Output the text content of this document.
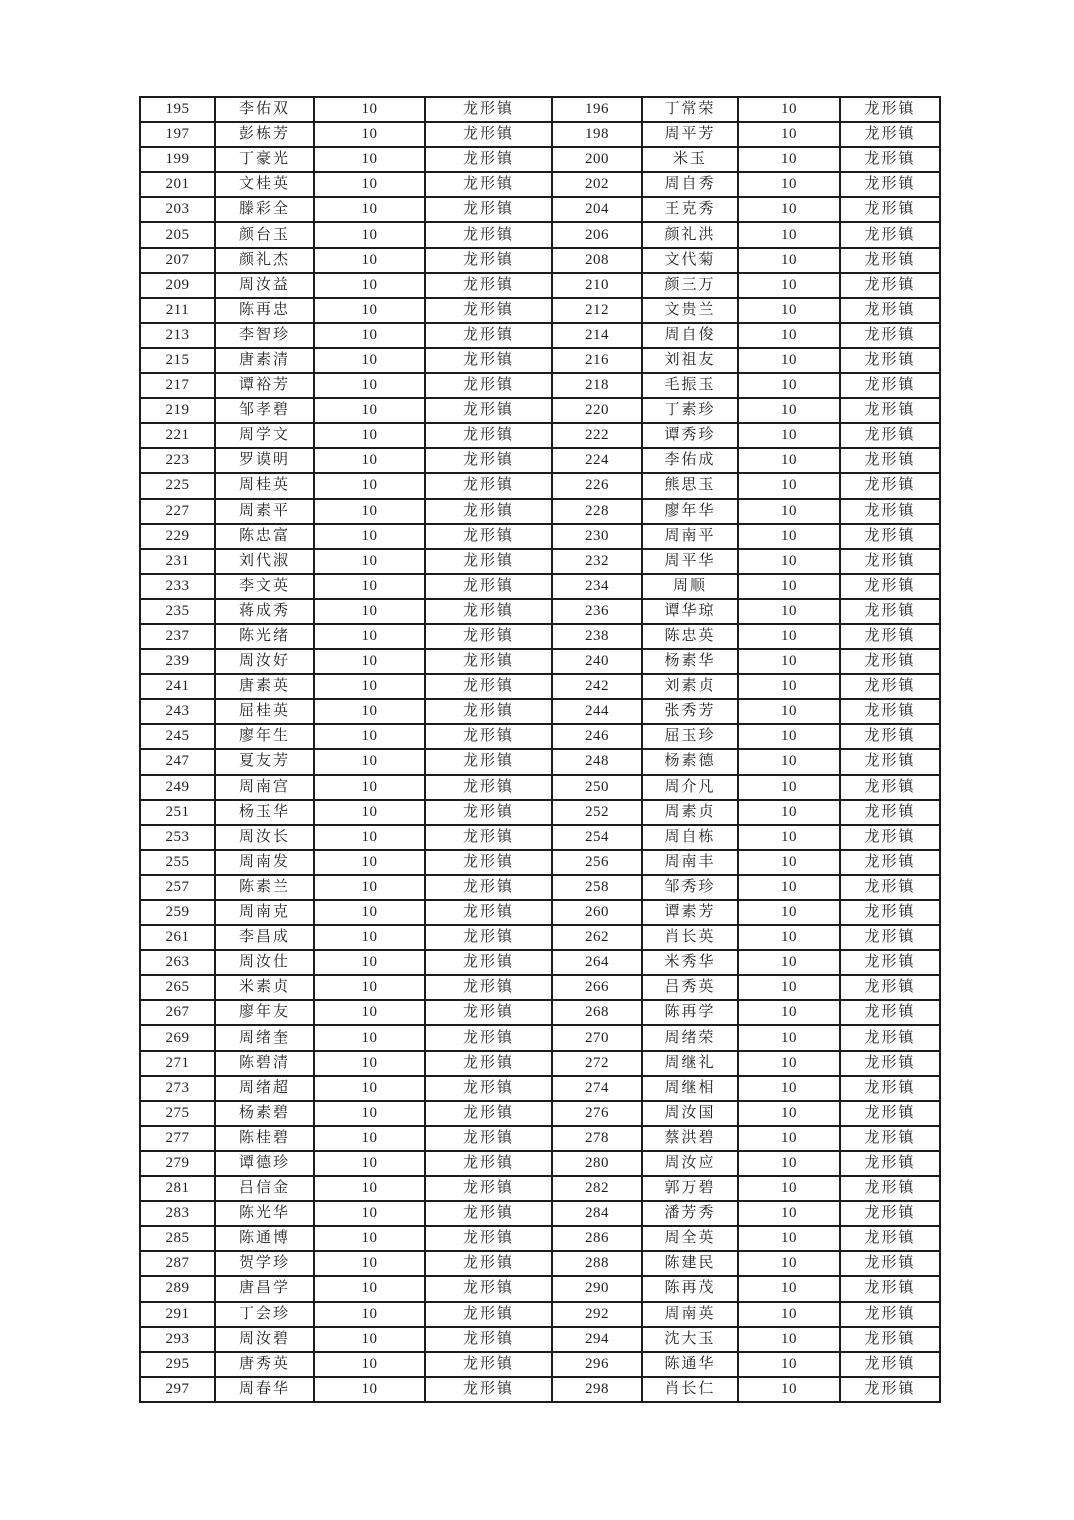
195	李佑双	10	龙形镇	196	丁常荣	10	龙形镇
197	彭栋芳	10	龙形镇	198	周平芳	10	龙形镇
199	丁豪光	10	龙形镇	200	米玉	10	龙形镇
201	文桂英	10	龙形镇	202	周自秀	10	龙形镇
203	滕彩全	10	龙形镇	204	王克秀	10	龙形镇
205	颜台玉	10	龙形镇	206	颜礼洪	10	龙形镇
207	颜礼杰	10	龙形镇	208	文代菊	10	龙形镇
209	周汝益	10	龙形镇	210	颜三万	10	龙形镇
211	陈再忠	10	龙形镇	212	文贵兰	10	龙形镇
213	李智珍	10	龙形镇	214	周自俊	10	龙形镇
215	唐素清	10	龙形镇	216	刘祖友	10	龙形镇
217	谭裕芳	10	龙形镇	218	毛振玉	10	龙形镇
219	邹孝碧	10	龙形镇	220	丁素珍	10	龙形镇
221	周学文	10	龙形镇	222	谭秀珍	10	龙形镇
223	罗谟明	10	龙形镇	224	李佑成	10	龙形镇
225	周桂英	10	龙形镇	226	熊思玉	10	龙形镇
227	周素平	10	龙形镇	228	廖年华	10	龙形镇
229	陈忠富	10	龙形镇	230	周南平	10	龙形镇
231	刘代淑	10	龙形镇	232	周平华	10	龙形镇
233	李文英	10	龙形镇	234	周顺	10	龙形镇
235	蒋成秀	10	龙形镇	236	谭华琼	10	龙形镇
237	陈光绪	10	龙形镇	238	陈忠英	10	龙形镇
239	周汝好	10	龙形镇	240	杨素华	10	龙形镇
241	唐素英	10	龙形镇	242	刘素贞	10	龙形镇
243	屈桂英	10	龙形镇	244	张秀芳	10	龙形镇
245	廖年生	10	龙形镇	246	屈玉珍	10	龙形镇
247	夏友芳	10	龙形镇	248	杨素德	10	龙形镇
249	周南宫	10	龙形镇	250	周介凡	10	龙形镇
251	杨玉华	10	龙形镇	252	周素贞	10	龙形镇
253	周汝长	10	龙形镇	254	周自栋	10	龙形镇
255	周南发	10	龙形镇	256	周南丰	10	龙形镇
257	陈素兰	10	龙形镇	258	邹秀珍	10	龙形镇
259	周南克	10	龙形镇	260	谭素芳	10	龙形镇
261	李昌成	10	龙形镇	262	肖长英	10	龙形镇
263	周汝仕	10	龙形镇	264	米秀华	10	龙形镇
265	米素贞	10	龙形镇	266	吕秀英	10	龙形镇
267	廖年友	10	龙形镇	268	陈再学	10	龙形镇
269	周绪奎	10	龙形镇	270	周绪荣	10	龙形镇
271	陈碧清	10	龙形镇	272	周继礼	10	龙形镇
273	周绪超	10	龙形镇	274	周继相	10	龙形镇
275	杨素碧	10	龙形镇	276	周汝国	10	龙形镇
277	陈桂碧	10	龙形镇	278	蔡洪碧	10	龙形镇
279	谭德珍	10	龙形镇	280	周汝应	10	龙形镇
281	吕信金	10	龙形镇	282	郭万碧	10	龙形镇
283	陈光华	10	龙形镇	284	潘芳秀	10	龙形镇
285	陈通博	10	龙形镇	286	周全英	10	龙形镇
287	贺学珍	10	龙形镇	288	陈建民	10	龙形镇
289	唐昌学	10	龙形镇	290	陈再茂	10	龙形镇
291	丁会珍	10	龙形镇	292	周南英	10	龙形镇
293	周汝碧	10	龙形镇	294	沈大玉	10	龙形镇
295	唐秀英	10	龙形镇	296	陈通华	10	龙形镇
297	周春华	10	龙形镇	298	肖长仁	10	龙形镇
